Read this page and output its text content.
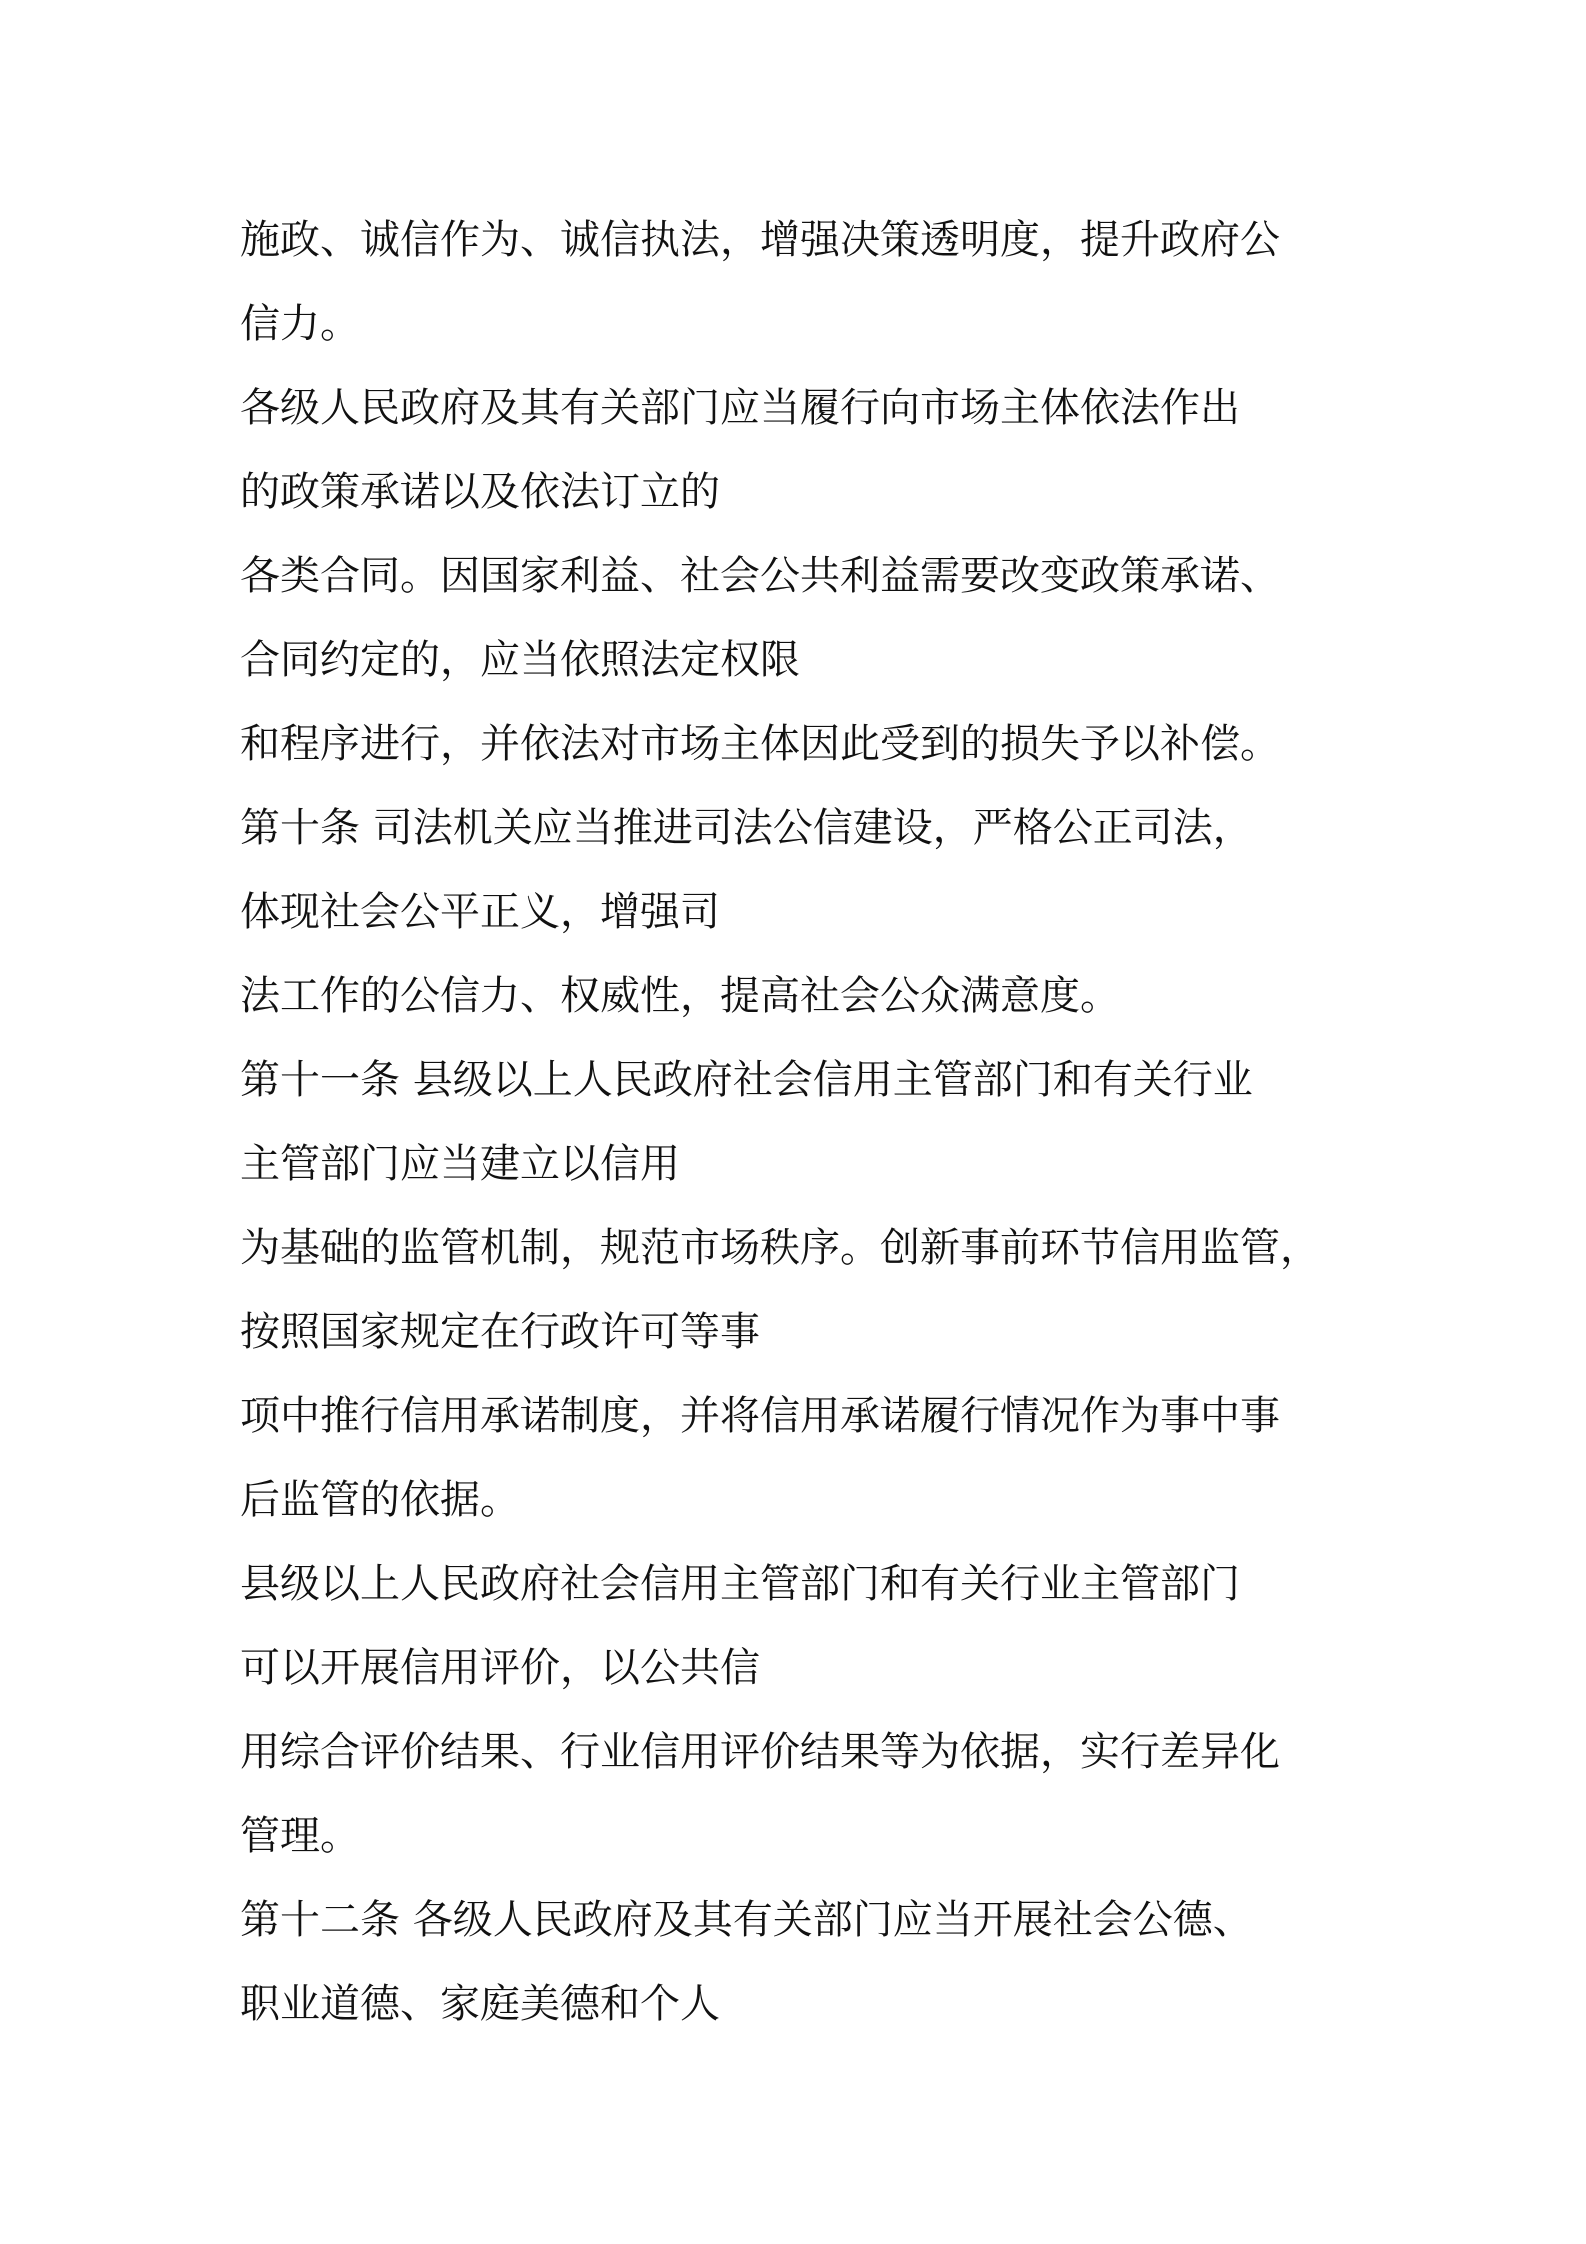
施政、诚信作为、诚信执法，增强决策透明度，提升政府公
信力。
各级人民政府及其有关部门应当履行向市场主体依法作出
的政策承诺以及依法订立的
各类合同。因国家利益、社会公共利益需要改变政策承诺、
合同约定的，应当依照法定权限
和程序进行，并依法对市场主体因此受到的损失予以补偿。
第十条 司法机关应当推进司法公信建设，严格公正司法，
体现社会公平正义，增强司
法工作的公信力、权威性，提高社会公众满意度。
第十一条 县级以上人民政府社会信用主管部门和有关行业
主管部门应当建立以信用
为基础的监管机制，规范市场秩序。创新事前环节信用监管，
按照国家规定在行政许可等事
项中推行信用承诺制度，并将信用承诺履行情况作为事中事
后监管的依据。
县级以上人民政府社会信用主管部门和有关行业主管部门
可以开展信用评价，以公共信
用综合评价结果、行业信用评价结果等为依据，实行差异化
管理。
第十二条 各级人民政府及其有关部门应当开展社会公德、
职业道德、家庭美德和个人
